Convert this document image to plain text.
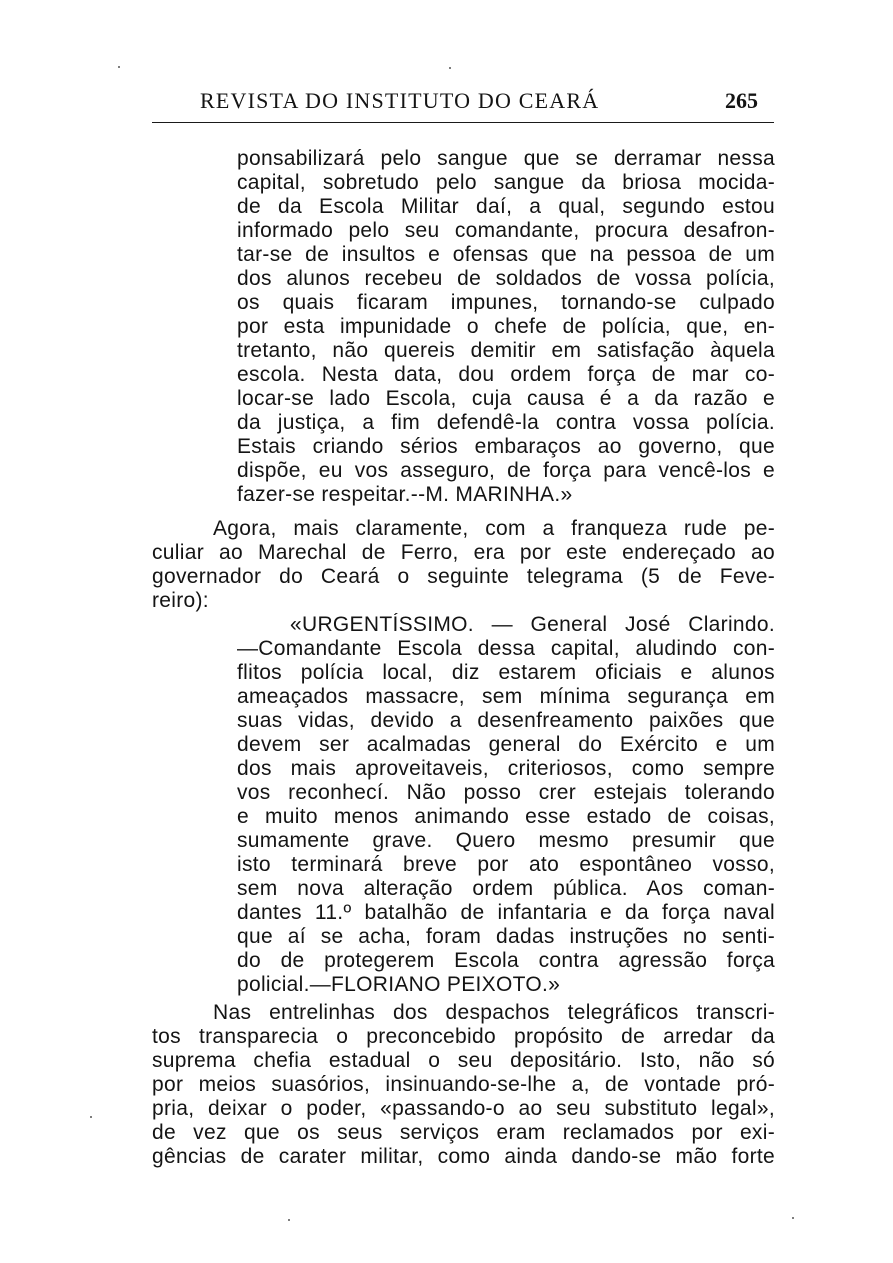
REVISTA DO INSTITUTO DO CEARÁ	265
ponsabilizará pelo sangue que se derramar nessa
capital, sobretudo pelo sangue da briosa mocida-
de da Escola Militar daí, a qual, segundo estou
informado pelo seu comandante, procura desafron-
tar-se de insultos e ofensas que na pessoa de um
dos alunos recebeu de soldados de vossa polícia,
os quais ficaram impunes, tornando-se culpado
por esta impunidade o chefe de polícia, que, en-
tretanto, não quereis demitir em satisfação àquela
escola. Nesta data, dou ordem força de mar co-
locar-se lado Escola, cuja causa é a da razão e
da justiça, a fim defendê-la contra vossa polícia.
Estais criando sérios embaraços ao governo, que
dispõe, eu vos asseguro, de força para vencê-los e
fazer-se respeitar.--M. MARINHA.»
Agora, mais claramente, com a franqueza rude pe-
culiar ao Marechal de Ferro, era por este endereçado ao
governador do Ceará o seguinte telegrama (5 de Feve-
reiro):
«URGENTÍSSIMO. — General José Clarindo.
—Comandante Escola dessa capital, aludindo con-
flitos polícia local, diz estarem oficiais e alunos
ameaçados massacre, sem mínima segurança em
suas vidas, devido a desenfreamento paixões que
devem ser acalmadas general do Exército e um
dos mais aproveitaveis, criteriosos, como sempre
vos reconhecí. Não posso crer estejais tolerando
e muito menos animando esse estado de coisas,
sumamente grave. Quero mesmo presumir que
isto terminará breve por ato espontâneo vosso,
sem nova alteração ordem pública. Aos coman-
dantes 11.º batalhão de infantaria e da força naval
que aí se acha, foram dadas instruções no senti-
do de protegerem Escola contra agressão força
policial.—FLORIANO PEIXOTO.»
Nas entrelinhas dos despachos telegráficos transcri-
tos transparecia o preconcebido propósito de arredar da
suprema chefia estadual o seu depositário. Isto, não só
por meios suasórios, insinuando-se-lhe a, de vontade pró-
pria, deixar o poder, «passando-o ao seu substituto legal»,
de vez que os seus serviços eram reclamados por exi-
gências de carater militar, como ainda dando-se mão forte
